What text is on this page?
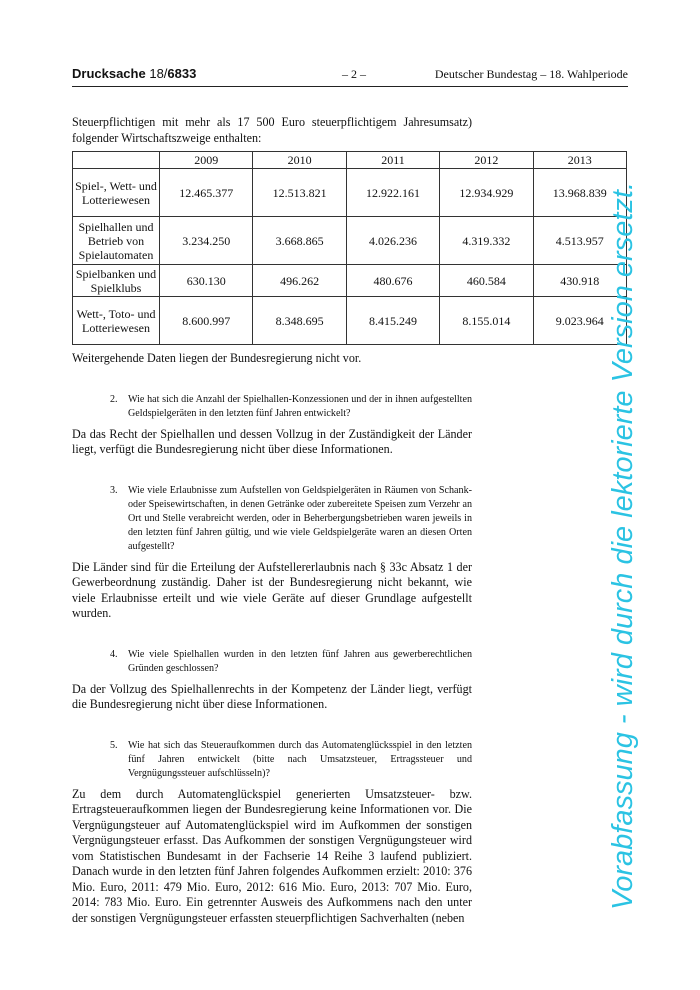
Drucksache 18/6833	– 2 –	Deutscher Bundestag – 18. Wahlperiode

Steuerpflichtigen mit mehr als 17 500 Euro steuerpflichtigem Jahresumsatz) folgender Wirtschaftszweige enthalten:

	2009	2010	2011	2012	2013
Spiel-, Wett- und Lotteriewesen	12.465.377	12.513.821	12.922.161	12.934.929	13.968.839
Spielhallen und Betrieb von Spielautomaten	3.234.250	3.668.865	4.026.236	4.319.332	4.513.957
Spielbanken und Spielklubs	630.130	496.262	480.676	460.584	430.918
Wett-, Toto- und Lotteriewesen	8.600.997	8.348.695	8.415.249	8.155.014	9.023.964

Weitergehende Daten liegen der Bundesregierung nicht vor.

2. Wie hat sich die Anzahl der Spielhallen-Konzessionen und der in ihnen aufgestellten Geldspielgeräten in den letzten fünf Jahren entwickelt?

Da das Recht der Spielhallen und dessen Vollzug in der Zuständigkeit der Länder liegt, verfügt die Bundesregierung nicht über diese Informationen.

3. Wie viele Erlaubnisse zum Aufstellen von Geldspielgeräten in Räumen von Schank- oder Speisewirtschaften, in denen Getränke oder zubereitete Speisen zum Verzehr an Ort und Stelle verabreicht werden, oder in Beherbergungsbetrieben waren jeweils in den letzten fünf Jahren gültig, und wie viele Geldspielgeräte waren an diesen Orten aufgestellt?

Die Länder sind für die Erteilung der Aufstellererlaubnis nach § 33c Absatz 1 der Gewerbeordnung zuständig. Daher ist der Bundesregierung nicht bekannt, wie viele Erlaubnisse erteilt und wie viele Geräte auf dieser Grundlage aufgestellt wurden.

4. Wie viele Spielhallen wurden in den letzten fünf Jahren aus gewerberechtlichen Gründen geschlossen?

Da der Vollzug des Spielhallenrechts in der Kompetenz der Länder liegt, verfügt die Bundesregierung nicht über diese Informationen.

5. Wie hat sich das Steueraufkommen durch das Automatenglücksspiel in den letzten fünf Jahren entwickelt (bitte nach Umsatzsteuer, Ertragssteuer und Vergnügungssteuer aufschlüsseln)?

Zu dem durch Automatenglückspiel generierten Umsatzsteuer- bzw. Ertragsteueraufkommen liegen der Bundesregierung keine Informationen vor. Die Vergnügungsteuer auf Automatenglückspiel wird im Aufkommen der sonstigen Vergnügungsteuer erfasst. Das Aufkommen der sonstigen Vergnügungsteuer wird vom Statistischen Bundesamt in der Fachserie 14 Reihe 3 laufend publiziert. Danach wurde in den letzten fünf Jahren folgendes Aufkommen erzielt: 2010: 376 Mio. Euro, 2011: 479 Mio. Euro, 2012: 616 Mio. Euro, 2013: 707 Mio. Euro, 2014: 783 Mio. Euro. Ein getrennter Ausweis des Aufkommens nach den unter der sonstigen Vergnügungsteuer erfassten steuerpflichtigen Sachverhalten (neben

Vorabfassung - wird durch die lektorierte Version ersetzt.
